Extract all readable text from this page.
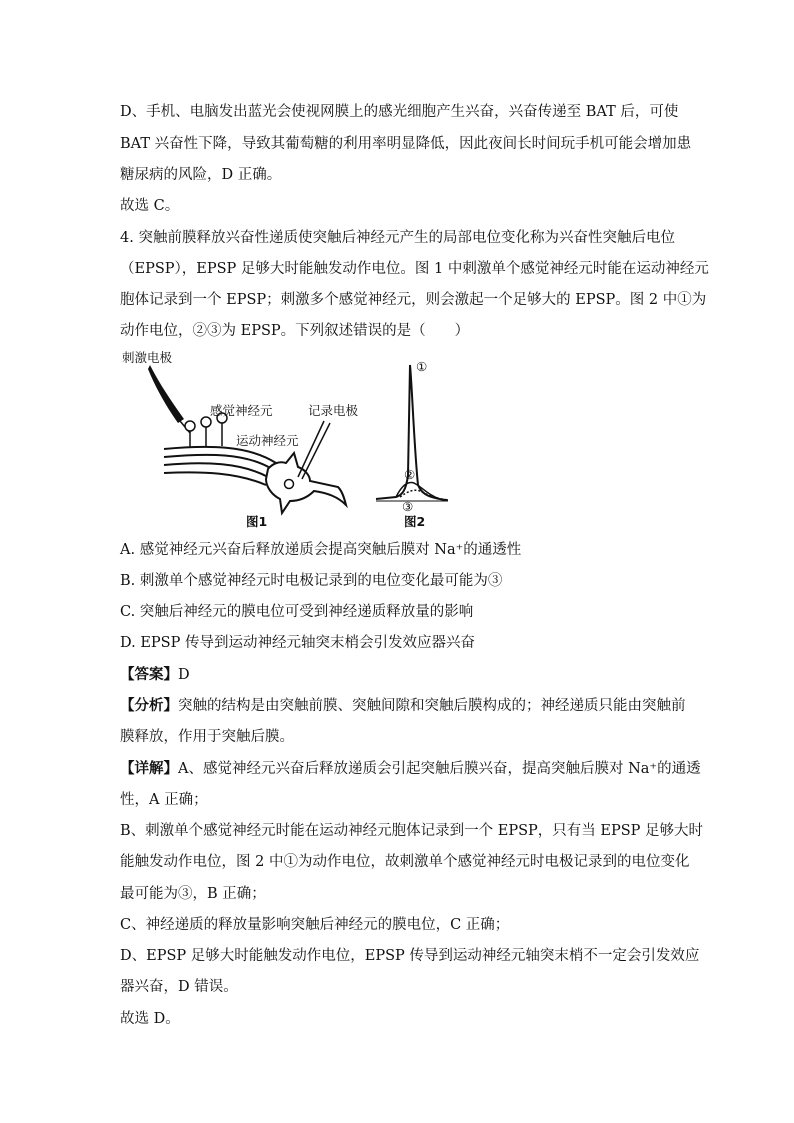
D、手机、电脑发出蓝光会使视网膜上的感光细胞产生兴奋，兴奋传递至 BAT 后，可使
BAT 兴奋性下降，导致其葡萄糖的利用率明显降低，因此夜间长时间玩手机可能会增加患
糖尿病的风险，D 正确。
故选 C。
4. 突触前膜释放兴奋性递质使突触后神经元产生的局部电位变化称为兴奋性突触后电位
（EPSP），EPSP 足够大时能触发动作电位。图 1 中刺激单个感觉神经元时能在运动神经元
胞体记录到一个 EPSP；刺激多个感觉神经元，则会激起一个足够大的 EPSP。图 2 中①为
动作电位，②③为 EPSP。下列叙述错误的是（　　）
刺激电极
感觉神经元	记录电极
运动神经元
图1
①
②
③
图2
A. 感觉神经元兴奋后释放递质会提高突触后膜对 Na⁺的通透性
B. 刺激单个感觉神经元时电极记录到的电位变化最可能为③
C. 突触后神经元的膜电位可受到神经递质释放量的影响
D. EPSP 传导到运动神经元轴突末梢会引发效应器兴奋
【答案】D
【分析】突触的结构是由突触前膜、突触间隙和突触后膜构成的；神经递质只能由突触前
膜释放，作用于突触后膜。
【详解】A、感觉神经元兴奋后释放递质会引起突触后膜兴奋，提高突触后膜对 Na⁺的通透
性，A 正确；
B、刺激单个感觉神经元时能在运动神经元胞体记录到一个 EPSP，只有当 EPSP 足够大时
能触发动作电位，图 2 中①为动作电位，故刺激单个感觉神经元时电极记录到的电位变化
最可能为③，B 正确；
C、神经递质的释放量影响突触后神经元的膜电位，C 正确；
D、EPSP 足够大时能触发动作电位，EPSP 传导到运动神经元轴突末梢不一定会引发效应
器兴奋，D 错误。
故选 D。
